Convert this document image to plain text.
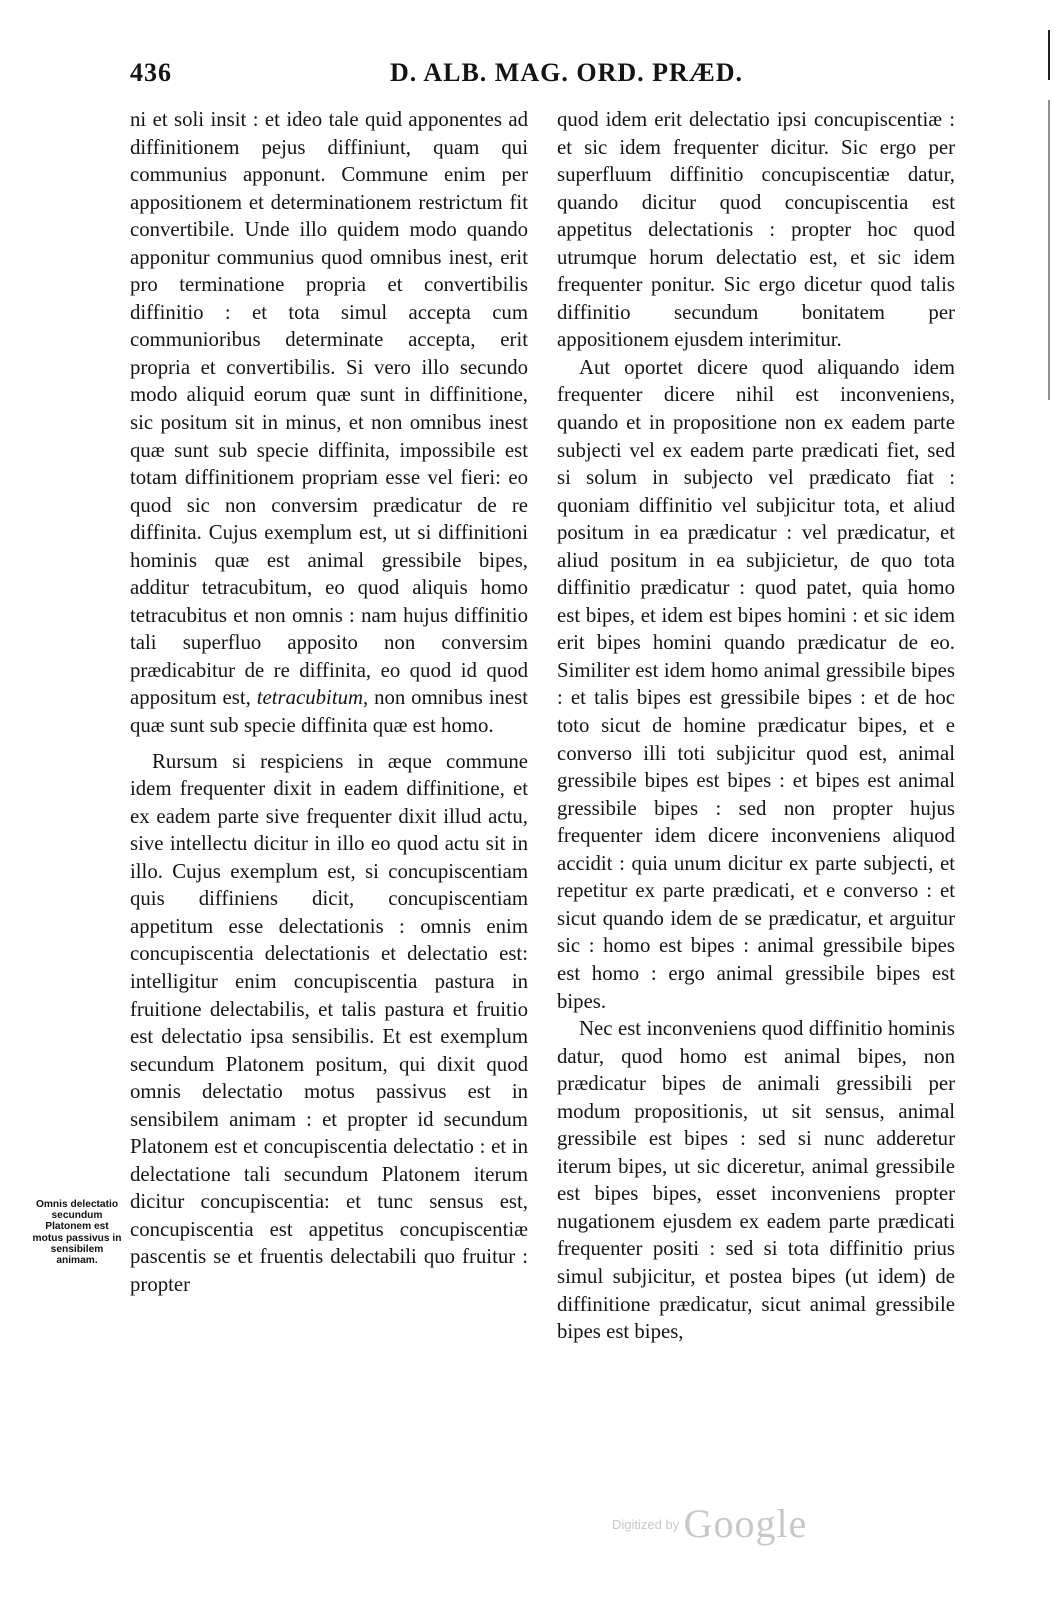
436	D. ALB. MAG. ORD. PRÆD.

ni et soli insit : et ideo tale quid apponentes ad diffinitionem pejus diffiniunt, quam qui communius apponunt. Commune enim per appositionem et determinationem restrictum fit convertibile. Unde illo quidem modo quando apponitur communius quod omnibus inest, erit pro terminatione propria et convertibilis diffinitio : et tota simul accepta cum communioribus determinate accepta, erit propria et convertibilis. Si vero illo secundo modo aliquid eorum quæ sunt in diffinitione, sic positum sit in minus, et non omnibus inest quæ sunt sub specie diffinita, impossibile est totam diffinitionem propriam esse vel fieri: eo quod sic non conversim prædicatur de re diffinita. Cujus exemplum est, ut si diffinitioni hominis quæ est animal gressibile bipes, additur tetracubitum, eo quod aliquis homo tetracubitus et non omnis : nam hujus diffinitio tali superfluo apposito non conversim prædicabitur de re diffinita, eo quod id quod appositum est, tetracubitum, non omnibus inest quæ sunt sub specie diffinita quæ est homo.

Rursum si respiciens in æque commune idem frequenter dixit in eadem diffinitione, et ex eadem parte sive frequenter dixit illud actu, sive intellectu dicitur in illo eo quod actu sit in illo. Cujus exemplum est, si concupiscentiam quis diffiniens dicit, concupiscentiam appetitum esse delectationis : omnis enim concupiscentia delectationis et delectatio est: intelligitur enim concupiscentia pastura in fruitione delectabilis, et talis pastura et fruitio est delectatio ipsa sensibilis. Et est exemplum secundum Platonem positum, qui dixit quod omnis delectatio motus passivus est in sensibilem animam : et propter id secundum Platonem est et concupiscentia delectatio : et in delectatione tali secundum Platonem iterum dicitur concupiscentia: et tunc sensus est, concupiscentia est appetitus concupiscentiæ pascentis se et fruentis delectabili quo fruitur : propter

quod idem erit delectatio ipsi concupiscentiæ : et sic idem frequenter dicitur. Sic ergo per superfluum diffinitio concupiscentiæ datur, quando dicitur quod concupiscentia est appetitus delectationis : propter hoc quod utrumque horum delectatio est, et sic idem frequenter ponitur. Sic ergo dicetur quod talis diffinitio secundum bonitatem per appositionem ejusdem interimitur.

Aut oportet dicere quod aliquando idem frequenter dicere nihil est inconveniens, quando et in propositione non ex eadem parte subjecti vel ex eadem parte prædicati fiet, sed si solum in subjecto vel prædicato fiat : quoniam diffinitio vel subjicitur tota, et aliud positum in ea prædicatur : vel prædicatur, et aliud positum in ea subjicietur, de quo tota diffinitio prædicatur : quod patet, quia homo est bipes, et idem est bipes homini : et sic idem erit bipes homini quando prædicatur de eo. Similiter est idem homo animal gressibile bipes : et talis bipes est gressibile bipes : et de hoc toto sicut de homine prædicatur bipes, et e converso illi toti subjicitur quod est, animal gressibile bipes est bipes : et bipes est animal gressibile bipes : sed non propter hujus frequenter idem dicere inconveniens aliquod accidit : quia unum dicitur ex parte subjecti, et repetitur ex parte prædicati, et e converso : et sicut quando idem de se prædicatur, et arguitur sic : homo est bipes : animal gressibile bipes est homo : ergo animal gressibile bipes est bipes.

Nec est inconveniens quod diffinitio hominis datur, quod homo est animal bipes, non prædicatur bipes de animali gressibili per modum propositionis, ut sit sensus, animal gressibile est bipes : sed si nunc adderetur iterum bipes, ut sic diceretur, animal gressibile est bipes bipes, esset inconveniens propter nugationem ejusdem ex eadem parte prædicati frequenter positi : sed si tota diffinitio prius simul subjicitur, et postea bipes (ut idem) de diffinitione prædicatur, sicut animal gressibile bipes est bipes,

Omnis delectatio secundum Platonem est motus passivus in sensibilem animam.
$^{Digitized by}$ Google
